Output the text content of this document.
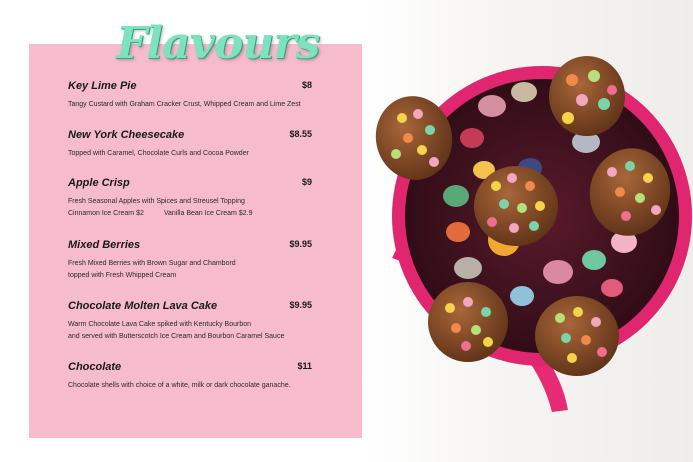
Flavours
Key Lime Pie	$8
Tangy Custard with Graham Cracker Crust, Whipped Cream and Lime Zest
New York Cheesecake	$8.55
Topped with Caramel, Chocolate Curls and Cocoa Powder
Apple Crisp	$9
Fresh Seasonal Apples with Spices and Streusel Topping
Cinnamon Ice Cream $2	Vanilla Bean Ice Cream $2.9
Mixed Berries	$9.95
Fresh Mixed Berries with Brown Sugar and Chambord
topped with Fresh Whipped Cream
Chocolate Molten Lava Cake	$9.95
Warm Chocolate Lava Cake spiked with Kentucky Bourbon
and served with Butterscotch Ice Cream and Bourbon Caramel Sauce
Chocolate	$11
Chocolate shells with choice of a white, milk or dark chocolate ganache.
